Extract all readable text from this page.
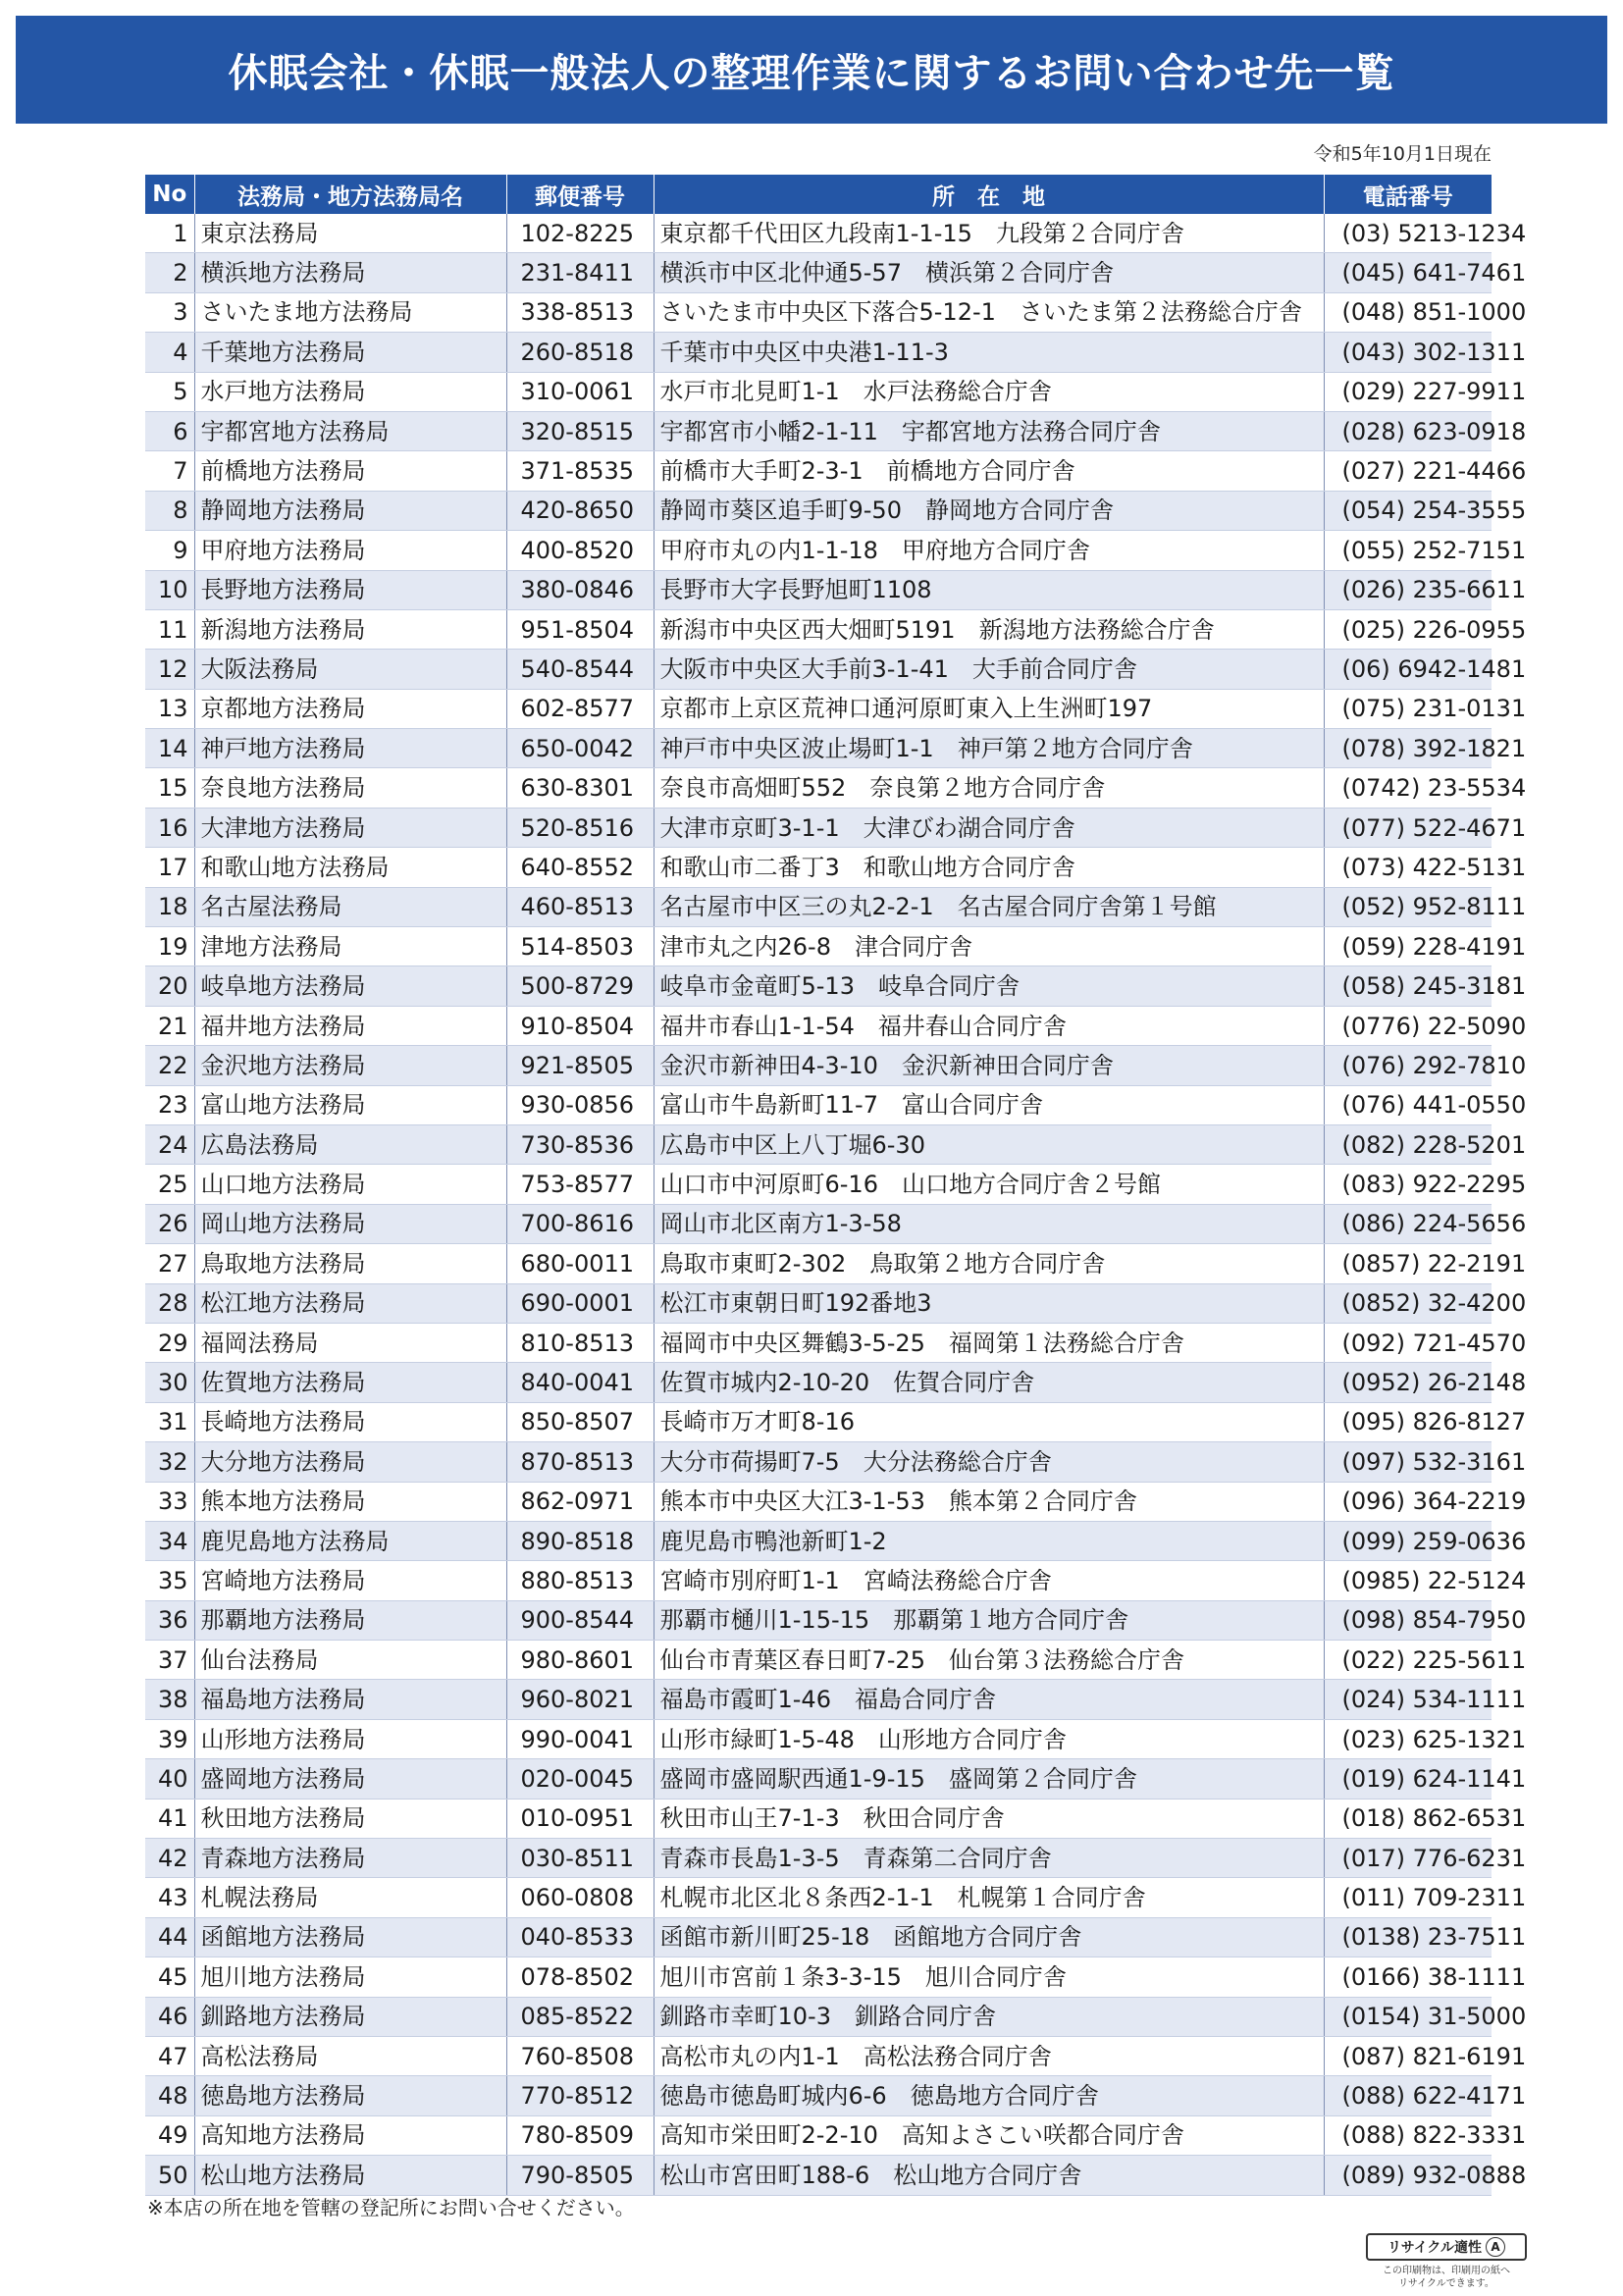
休眠会社・休眠一般法人の整理作業に関するお問い合わせ先一覧
令和5年10月1日現在
No	法務局・地方法務局名	郵便番号	所　在　地	電話番号
1	東京法務局	102-8225	東京都千代田区九段南1-1-15　九段第２合同庁舎	(03) 5213-1234
2	横浜地方法務局	231-8411	横浜市中区北仲通5-57　横浜第２合同庁舎	(045) 641-7461
3	さいたま地方法務局	338-8513	さいたま市中央区下落合5-12-1　さいたま第２法務総合庁舎	(048) 851-1000
4	千葉地方法務局	260-8518	千葉市中央区中央港1-11-3	(043) 302-1311
5	水戸地方法務局	310-0061	水戸市北見町1-1　水戸法務総合庁舎	(029) 227-9911
6	宇都宮地方法務局	320-8515	宇都宮市小幡2-1-11　宇都宮地方法務合同庁舎	(028) 623-0918
7	前橋地方法務局	371-8535	前橋市大手町2-3-1　前橋地方合同庁舎	(027) 221-4466
8	静岡地方法務局	420-8650	静岡市葵区追手町9-50　静岡地方合同庁舎	(054) 254-3555
9	甲府地方法務局	400-8520	甲府市丸の内1-1-18　甲府地方合同庁舎	(055) 252-7151
10	長野地方法務局	380-0846	長野市大字長野旭町1108	(026) 235-6611
11	新潟地方法務局	951-8504	新潟市中央区西大畑町5191　新潟地方法務総合庁舎	(025) 226-0955
12	大阪法務局	540-8544	大阪市中央区大手前3-1-41　大手前合同庁舎	(06) 6942-1481
13	京都地方法務局	602-8577	京都市上京区荒神口通河原町東入上生洲町197	(075) 231-0131
14	神戸地方法務局	650-0042	神戸市中央区波止場町1-1　神戸第２地方合同庁舎	(078) 392-1821
15	奈良地方法務局	630-8301	奈良市高畑町552　奈良第２地方合同庁舎	(0742) 23-5534
16	大津地方法務局	520-8516	大津市京町3-1-1　大津びわ湖合同庁舎	(077) 522-4671
17	和歌山地方法務局	640-8552	和歌山市二番丁3　和歌山地方合同庁舎	(073) 422-5131
18	名古屋法務局	460-8513	名古屋市中区三の丸2-2-1　名古屋合同庁舎第１号館	(052) 952-8111
19	津地方法務局	514-8503	津市丸之内26-8　津合同庁舎	(059) 228-4191
20	岐阜地方法務局	500-8729	岐阜市金竜町5-13　岐阜合同庁舎	(058) 245-3181
21	福井地方法務局	910-8504	福井市春山1-1-54　福井春山合同庁舎	(0776) 22-5090
22	金沢地方法務局	921-8505	金沢市新神田4-3-10　金沢新神田合同庁舎	(076) 292-7810
23	富山地方法務局	930-0856	富山市牛島新町11-7　富山合同庁舎	(076) 441-0550
24	広島法務局	730-8536	広島市中区上八丁堀6-30	(082) 228-5201
25	山口地方法務局	753-8577	山口市中河原町6-16　山口地方合同庁舎２号館	(083) 922-2295
26	岡山地方法務局	700-8616	岡山市北区南方1-3-58	(086) 224-5656
27	鳥取地方法務局	680-0011	鳥取市東町2-302　鳥取第２地方合同庁舎	(0857) 22-2191
28	松江地方法務局	690-0001	松江市東朝日町192番地3	(0852) 32-4200
29	福岡法務局	810-8513	福岡市中央区舞鶴3-5-25　福岡第１法務総合庁舎	(092) 721-4570
30	佐賀地方法務局	840-0041	佐賀市城内2-10-20　佐賀合同庁舎	(0952) 26-2148
31	長崎地方法務局	850-8507	長崎市万才町8-16	(095) 826-8127
32	大分地方法務局	870-8513	大分市荷揚町7-5　大分法務総合庁舎	(097) 532-3161
33	熊本地方法務局	862-0971	熊本市中央区大江3-1-53　熊本第２合同庁舎	(096) 364-2219
34	鹿児島地方法務局	890-8518	鹿児島市鴨池新町1-2	(099) 259-0636
35	宮崎地方法務局	880-8513	宮崎市別府町1-1　宮崎法務総合庁舎	(0985) 22-5124
36	那覇地方法務局	900-8544	那覇市樋川1-15-15　那覇第１地方合同庁舎	(098) 854-7950
37	仙台法務局	980-8601	仙台市青葉区春日町7-25　仙台第３法務総合庁舎	(022) 225-5611
38	福島地方法務局	960-8021	福島市霞町1-46　福島合同庁舎	(024) 534-1111
39	山形地方法務局	990-0041	山形市緑町1-5-48　山形地方合同庁舎	(023) 625-1321
40	盛岡地方法務局	020-0045	盛岡市盛岡駅西通1-9-15　盛岡第２合同庁舎	(019) 624-1141
41	秋田地方法務局	010-0951	秋田市山王7-1-3　秋田合同庁舎	(018) 862-6531
42	青森地方法務局	030-8511	青森市長島1-3-5　青森第二合同庁舎	(017) 776-6231
43	札幌法務局	060-0808	札幌市北区北８条西2-1-1　札幌第１合同庁舎	(011) 709-2311
44	函館地方法務局	040-8533	函館市新川町25-18　函館地方合同庁舎	(0138) 23-7511
45	旭川地方法務局	078-8502	旭川市宮前１条3-3-15　旭川合同庁舎	(0166) 38-1111
46	釧路地方法務局	085-8522	釧路市幸町10-3　釧路合同庁舎	(0154) 31-5000
47	高松法務局	760-8508	高松市丸の内1-1　高松法務合同庁舎	(087) 821-6191
48	徳島地方法務局	770-8512	徳島市徳島町城内6-6　徳島地方合同庁舎	(088) 622-4171
49	高知地方法務局	780-8509	高知市栄田町2-2-10　高知よさこい咲都合同庁舎	(088) 822-3331
50	松山地方法務局	790-8505	松山市宮田町188-6　松山地方合同庁舎	(089) 932-0888
※本店の所在地を管轄の登記所にお問い合せください。
リサイクル適性 A
この印刷物は、印刷用の紙へ
リサイクルできます。
